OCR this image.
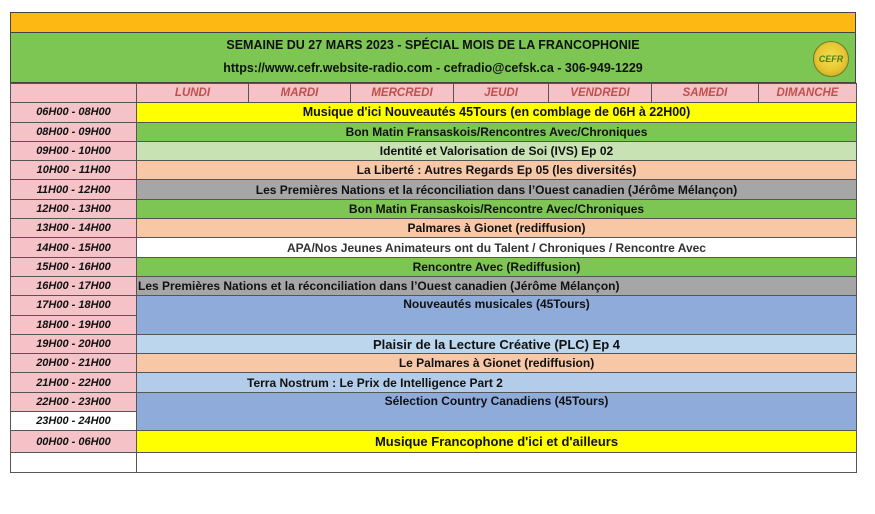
SEMAINE DU 27 MARS 2023 - SPÉCIAL MOIS DE LA FRANCOPHONIE
https://www.cefr.website-radio.com - cefradio@cefsk.ca - 306-949-1229
CEFR
	LUNDI	MARDI	MERCREDI	JEUDI	VENDREDI	SAMEDI	DIMANCHE
06H00 - 08H00	Musique d'ici Nouveautés 45Tours (en comblage de 06H à 22H00)						
08H00 - 09H00	Bon Matin Fransaskois/Rencontres Avec/Chroniques						
09H00 - 10H00	Identité et Valorisation de Soi (IVS) Ep 02						
10H00 - 11H00	La Liberté : Autres Regards Ep 05 (les diversités)						
11H00 - 12H00	Les Premières Nations et la réconciliation dans l’Ouest canadien (Jérôme Mélançon)						
12H00 - 13H00	Bon Matin Fransaskois/Rencontre Avec/Chroniques						
13H00 - 14H00	Palmares à Gionet (rediffusion)						
14H00 - 15H00	APA/Nos Jeunes Animateurs ont du Talent / Chroniques / Rencontre Avec						
15H00 - 16H00	Rencontre Avec (Rediffusion)						
16H00 - 17H00	Les Premières Nations et la réconciliation dans l’Ouest canadien (Jérôme Mélançon)						
17H00 - 18H00	Nouveautés musicales (45Tours)						
18H00 - 19H00							
19H00 - 20H00	Plaisir de la Lecture Créative (PLC) Ep 4						
20H00 - 21H00	Le Palmares à Gionet (rediffusion)						
21H00 - 22H00	Terra Nostrum : Le Prix de Intelligence Part 2						
22H00 - 23H00	Sélection Country Canadiens (45Tours)						
23H00 - 24H00							
00H00 - 06H00	Musique Francophone d'ici et d'ailleurs						
